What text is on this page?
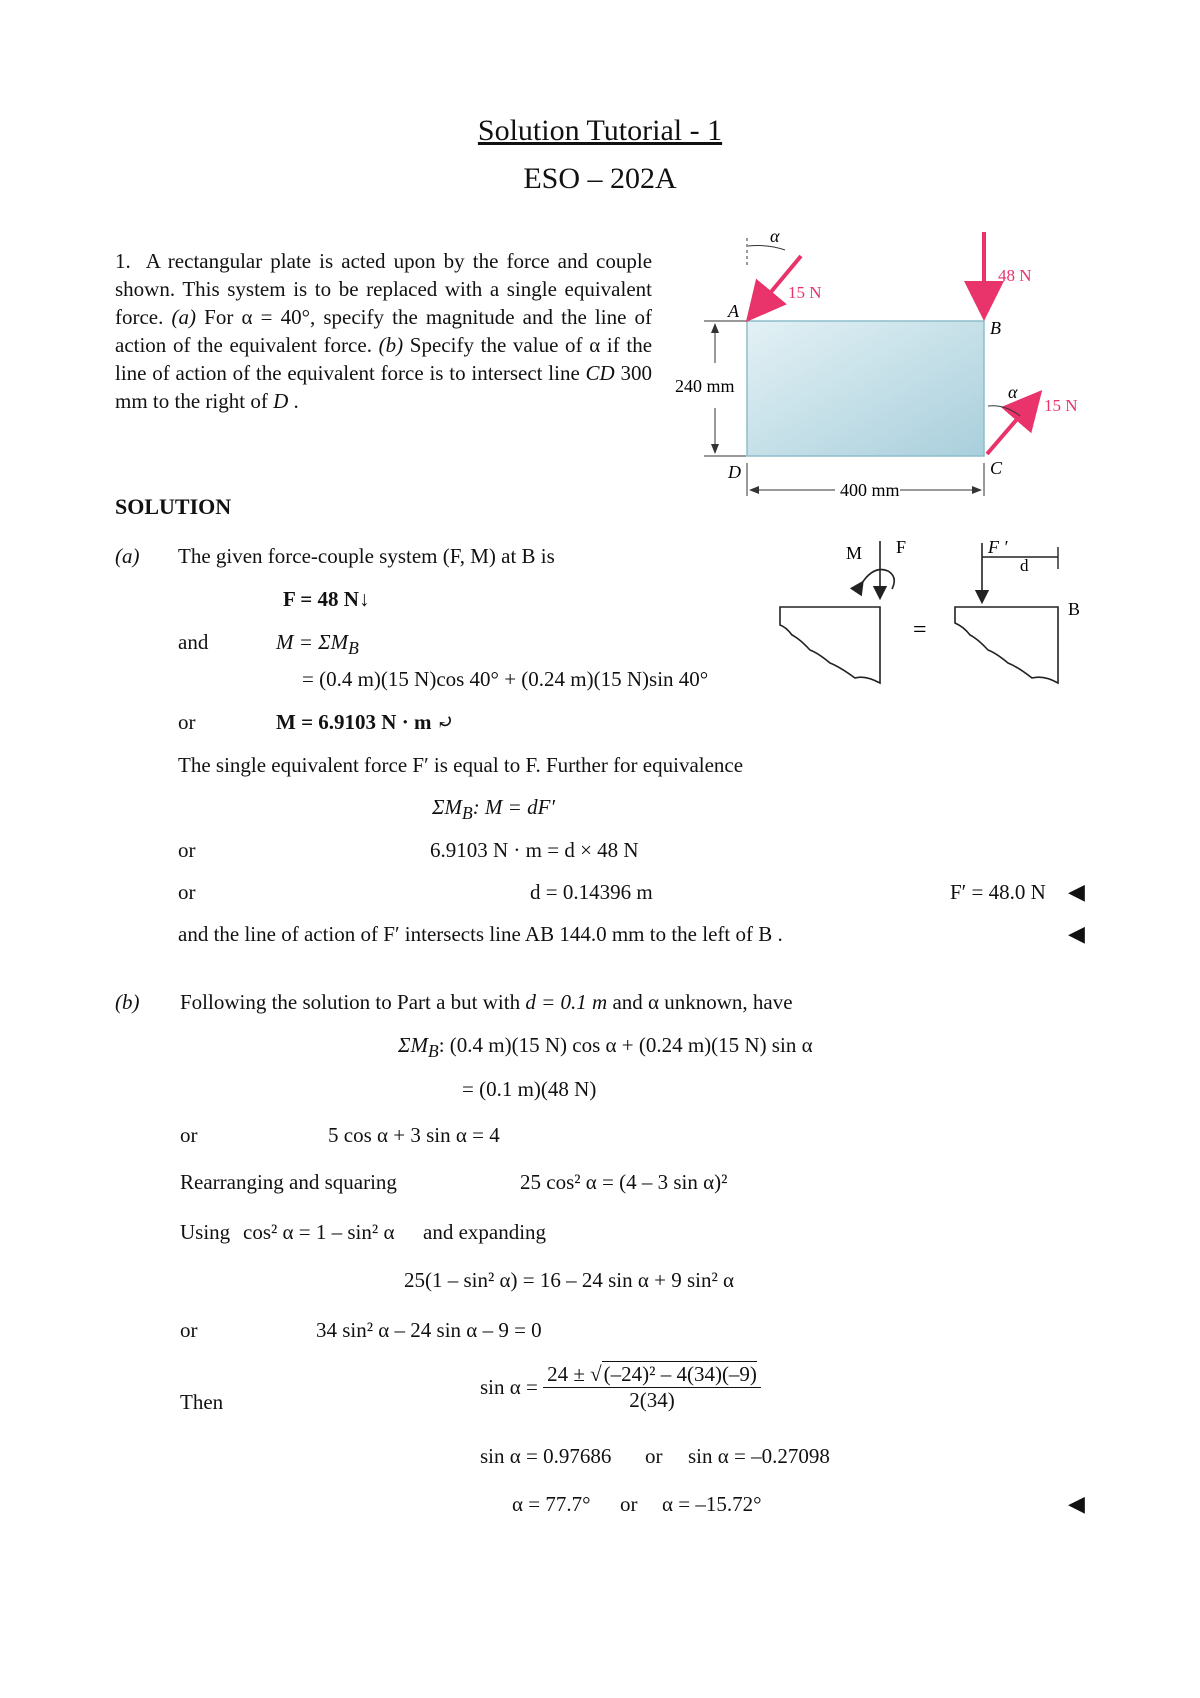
Solution Tutorial - 1
ESO – 202A
1. A rectangular plate is acted upon by the force and couple shown. This system is to be replaced with a single equivalent force. (a) For α = 40°, specify the magnitude and the line of action of the equivalent force. (b) Specify the value of α if the line of action of the equivalent force is to intersect line CD 300 mm to the right of D .
240 mm
400 mm
A
B
C
D
α
15 N
48 N
α
15 N
M F
=
F ′
d
B
SOLUTION
(a) The given force-couple system (F, M) at B is
F = 48 N↓
and	$M = \Sigma M_B$
= (0.4 m)(15 N)cos 40° + (0.24 m)(15 N)sin 40°
or	M = 6.9103 N · m ⤾
The single equivalent force F′ is equal to F. Further for equivalence
$\Sigma M_B$: M = dF′
or	6.9103 N · m = d × 48 N
or	d = 0.14396 m	F′ = 48.0 N ◀
and the line of action of F′ intersects line AB 144.0 mm to the left of B .	◀
(b) Following the solution to Part a but with d = 0.1 m and α unknown, have
$\Sigma M_B$: (0.4 m)(15 N) cos α + (0.24 m)(15 N) sin α
= (0.1 m)(48 N)
or	5 cos α + 3 sin α = 4
Rearranging and squaring	25 cos² α = (4 – 3 sin α)²
Using cos² α = 1 – sin² α and expanding
25(1 – sin² α) = 16 – 24 sin α + 9 sin² α
or	34 sin² α – 24 sin α – 9 = 0
Then
$\sin \alpha = \frac{\text{24 ± √(–24)² – 4(34)(–9)}}{2(34)}$
sin α = 0.97686 or sin α = –0.27098
α = 77.7° or α = –15.72°	◀
